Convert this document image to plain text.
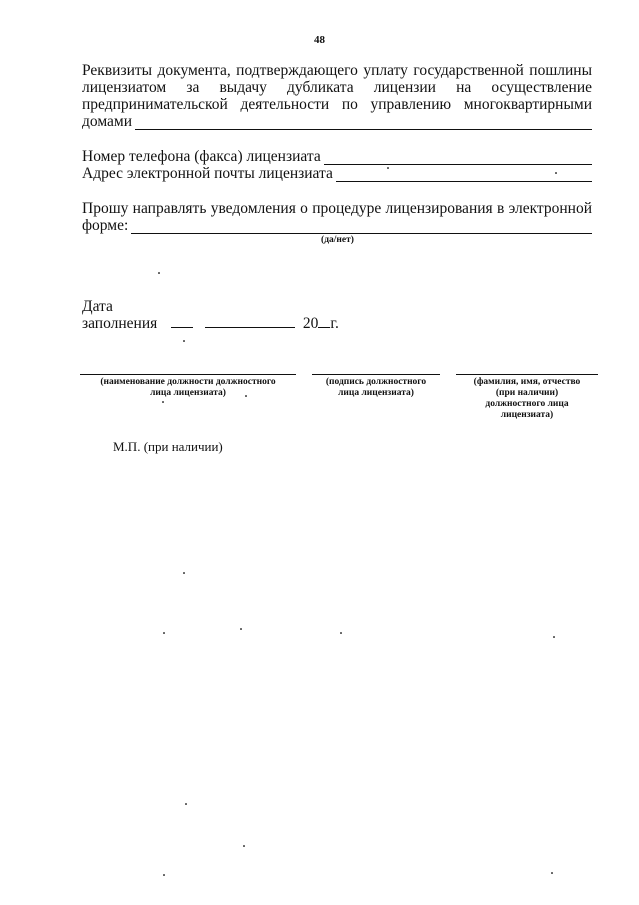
48
Реквизиты документа, подтверждающего уплату государственной пошлины
лицензиатом за выдачу дубликата лицензии на осуществление
предпринимательской деятельности по управлению многоквартирными
домами
Номер телефона (факса) лицензиата
Адрес электронной почты лицензиата
Прошу направлять уведомления о процедуре лицензирования в электронной
форме:
(да/нет)
Дата
заполнения	20 г.
(наименование должности должностного
лица лицензиата)
(подпись должностного
лица лицензиата)
(фамилия, имя, отчество
(при наличии)
должностного лица
лицензиата)
М.П. (при наличии)
